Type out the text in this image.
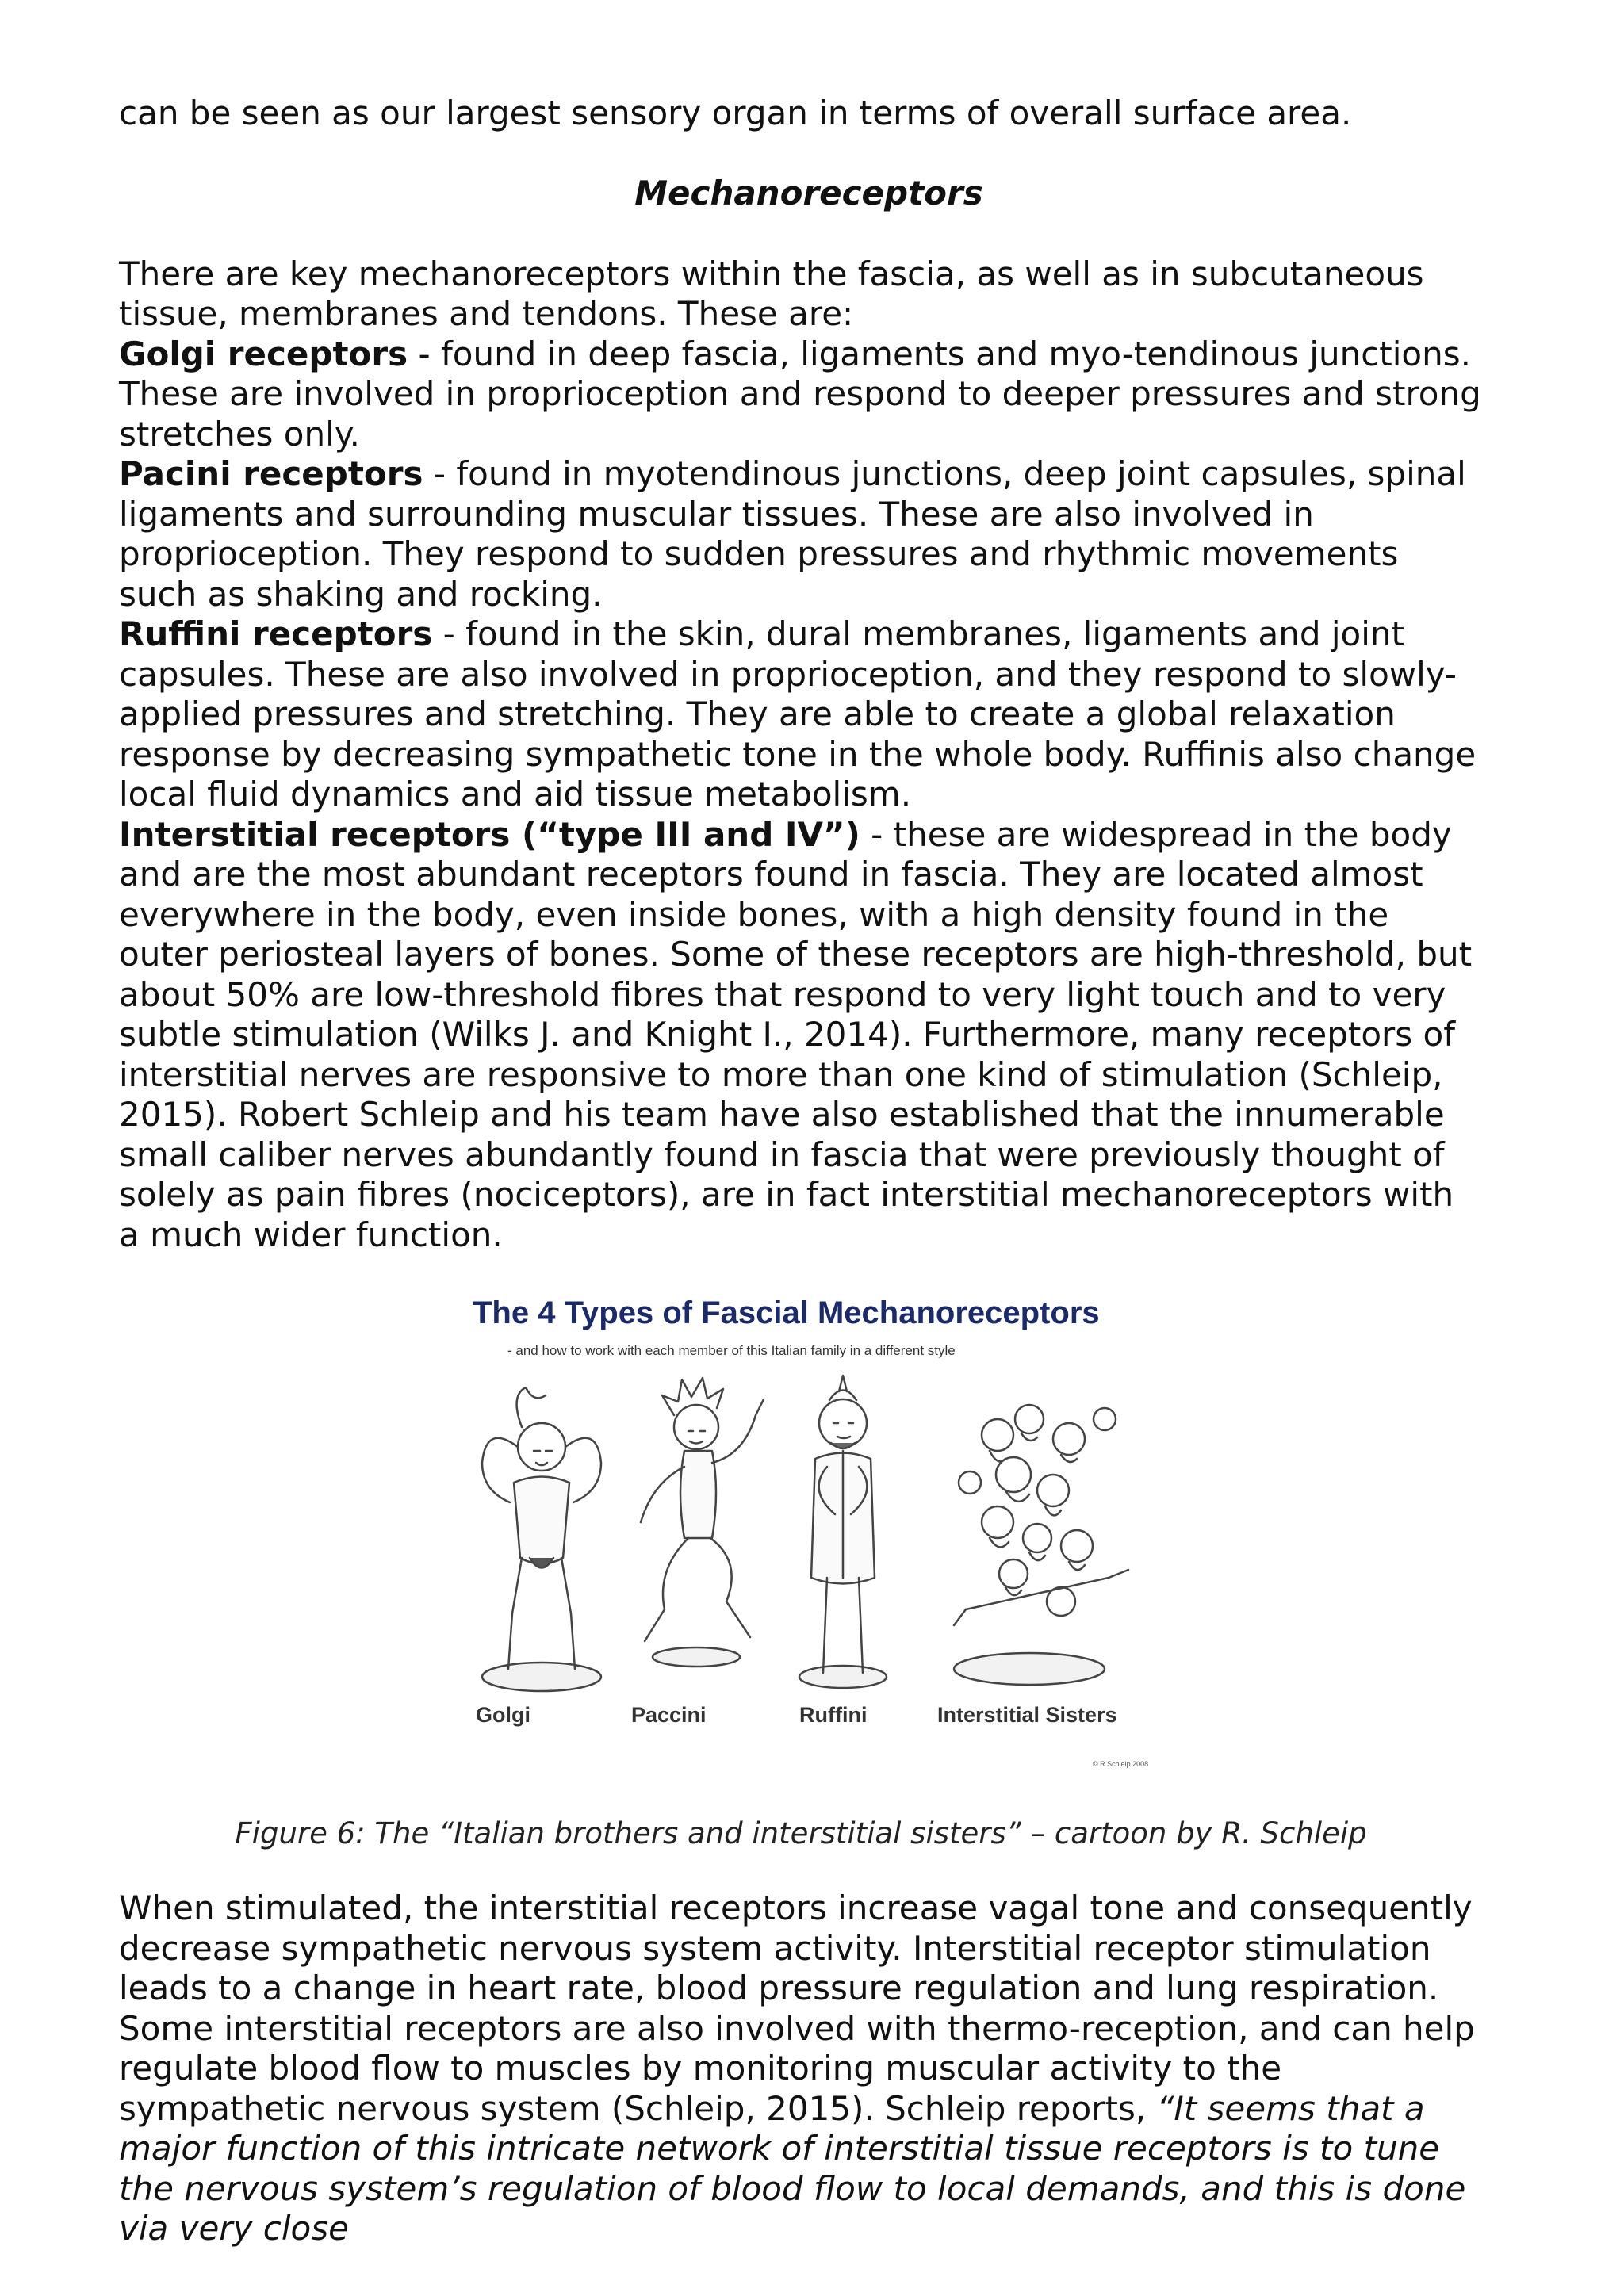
can be seen as our largest sensory organ in terms of overall surface area.

Mechanoreceptors

There are key mechanoreceptors within the fascia, as well as in subcutaneous tissue, membranes and tendons. These are:

Golgi receptors - found in deep fascia, ligaments and myo-tendinous junctions. These are involved in proprioception and respond to deeper pressures and strong stretches only.

Pacini receptors - found in myotendinous junctions, deep joint capsules, spinal ligaments and surrounding muscular tissues. These are also involved in proprioception. They respond to sudden pressures and rhythmic movements such as shaking and rocking.

Ruffini receptors - found in the skin, dural membranes, ligaments and joint capsules. These are also involved in proprioception, and they respond to slowly-applied pressures and stretching. They are able to create a global relaxation response by decreasing sympathetic tone in the whole body. Ruffinis also change local fluid dynamics and aid tissue metabolism.

Interstitial receptors (“type III and IV”) - these are widespread in the body and are the most abundant receptors found in fascia. They are located almost everywhere in the body, even inside bones, with a high density found in the outer periosteal layers of bones. Some of these receptors are high-threshold, but about 50% are low-threshold fibres that respond to very light touch and to very subtle stimulation (Wilks J. and Knight I., 2014). Furthermore, many receptors of interstitial nerves are responsive to more than one kind of stimulation (Schleip, 2015). Robert Schleip and his team have also established that the innumerable small caliber nerves abundantly found in fascia that were previously thought of solely as pain fibres (nociceptors), are in fact interstitial mechanoreceptors with a much wider function.

The 4 Types of Fascial Mechanoreceptors
- and how to work with each member of this Italian family in a different style
Golgi	Paccini	Ruffini	Interstitial Sisters
© R.Schleip 2008
Figure 6: The “Italian brothers and interstitial sisters” – cartoon by R. Schleip

When stimulated, the interstitial receptors increase vagal tone and consequently decrease sympathetic nervous system activity. Interstitial receptor stimulation leads to a change in heart rate, blood pressure regulation and lung respiration. Some interstitial receptors are also involved with thermo-reception, and can help regulate blood flow to muscles by monitoring muscular activity to the sympathetic nervous system (Schleip, 2015). Schleip reports, “It seems that a major function of this intricate network of interstitial tissue receptors is to tune the nervous system’s regulation of blood flow to local demands, and this is done via very close
